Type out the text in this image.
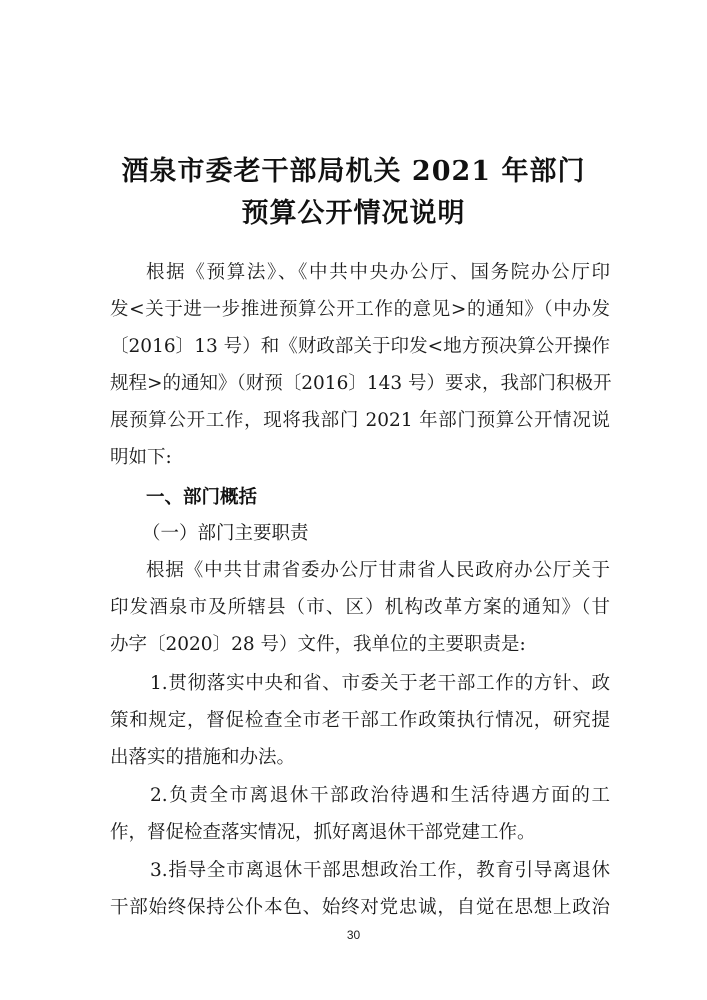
酒泉市委老干部局机关 2021 年部门
预算公开情况说明
根据《预算法》、《中共中央办公厅、国务院办公厅印
发<关于进一步推进预算公开工作的意见>的通知》（中办发
〔2016〕13 号）和《财政部关于印发<地方预决算公开操作
规程>的通知》（财预〔2016〕143 号）要求，我部门积极开
展预算公开工作，现将我部门 2021 年部门预算公开情况说
明如下:
一、部门概括
（一）部门主要职责
根据《中共甘肃省委办公厅甘肃省人民政府办公厅关于
印发酒泉市及所辖县（市、区）机构改革方案的通知》（甘
办字〔2020〕28 号）文件，我单位的主要职责是:
1.贯彻落实中央和省、市委关于老干部工作的方针、政
策和规定，督促检查全市老干部工作政策执行情况，研究提
出落实的措施和办法。
2.负责全市离退休干部政治待遇和生活待遇方面的工
作，督促检查落实情况，抓好离退休干部党建工作。
3.指导全市离退休干部思想政治工作，教育引导离退休
干部始终保持公仆本色、始终对党忠诚，自觉在思想上政治
30
